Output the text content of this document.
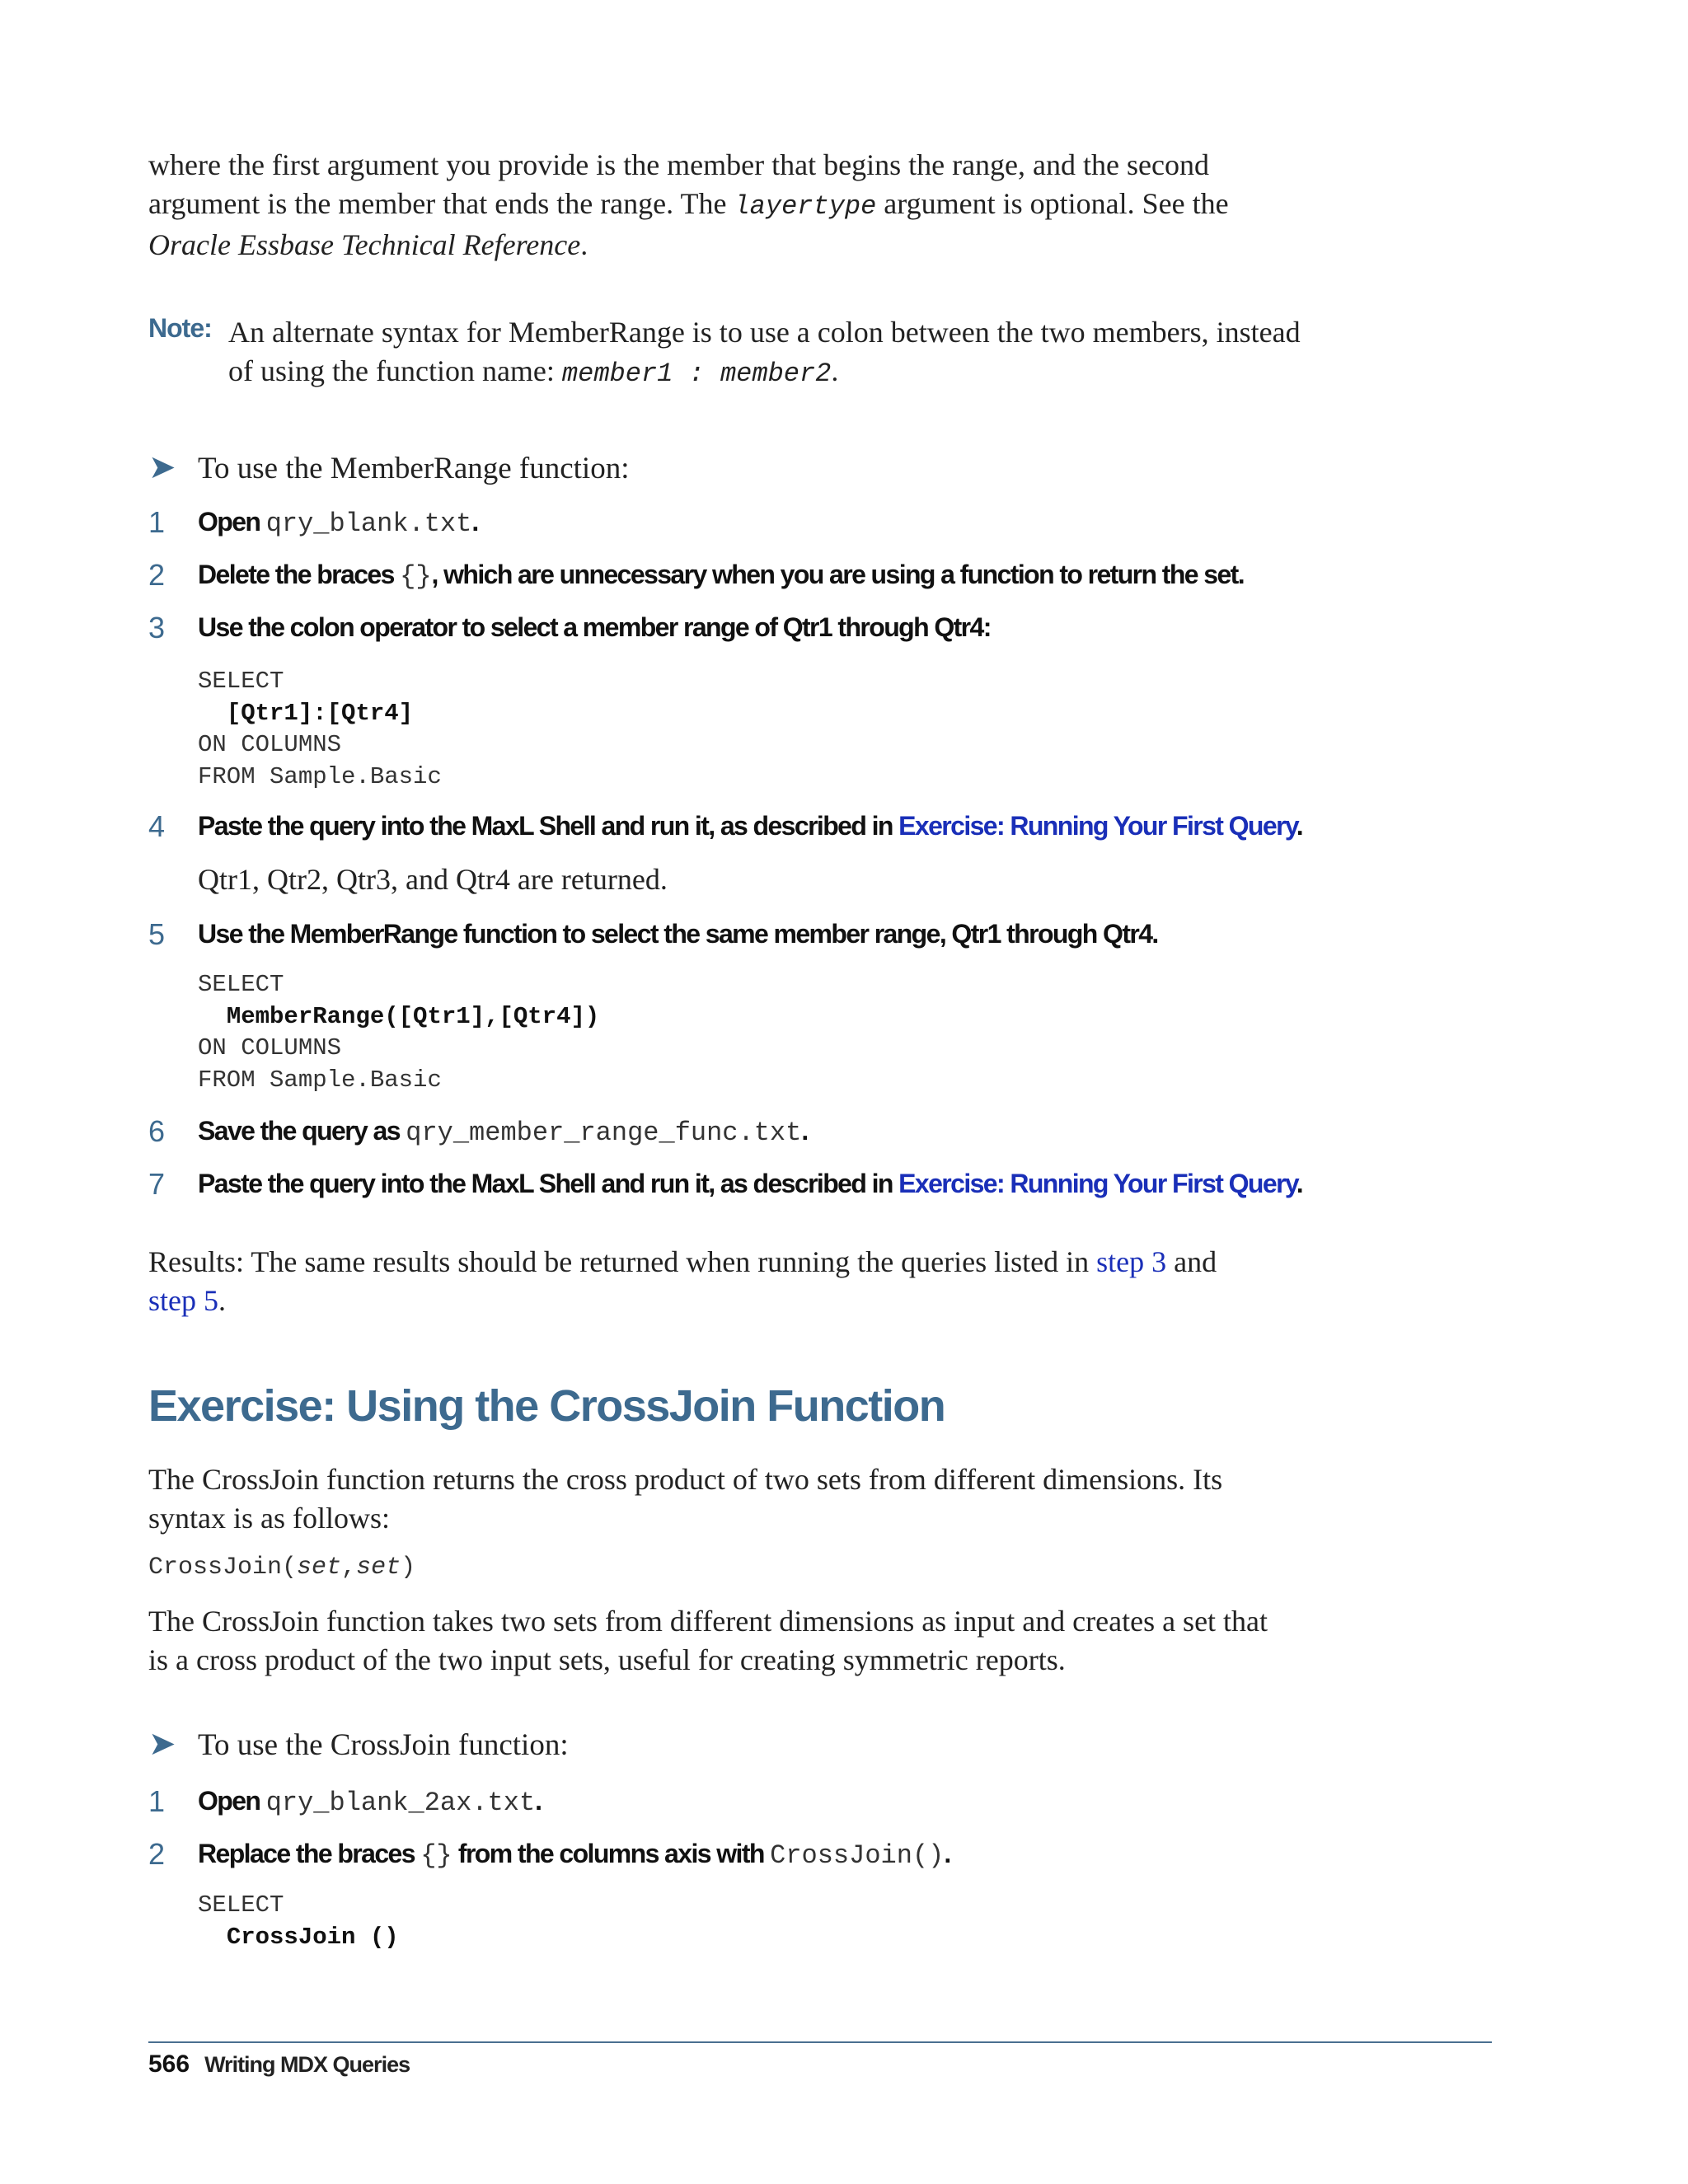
where the first argument you provide is the member that begins the range, and the second

argument is the member that ends the range. The layertype argument is optional. See the

Oracle Essbase Technical Reference.

Note: An alternate syntax for MemberRange is to use a colon between the two members, instead of using the function name: member1 : member2.
➤ To use the MemberRange function:
1 Open qry_blank.txt.
2 Delete the braces {}, which are unnecessary when you are using a function to return the set.
3 Use the colon operator to select a member range of Qtr1 through Qtr4:
SELECT
[Qtr1]:[Qtr4]
ON COLUMNS
FROM Sample.Basic
4 Paste the query into the MaxL Shell and run it, as described in Exercise: Running Your First Query.

Qtr1, Qtr2, Qtr3, and Qtr4 are returned.

5 Use the MemberRange function to select the same member range, Qtr1 through Qtr4.
SELECT
MemberRange([Qtr1],[Qtr4])
ON COLUMNS
FROM Sample.Basic
6 Save the query as qry_member_range_func.txt.
7 Paste the query into the MaxL Shell and run it, as described in Exercise: Running Your First Query.

Results: The same results should be returned when running the queries listed in step 3 and

step 5.

Exercise: Using the CrossJoin Function

The CrossJoin function returns the cross product of two sets from different dimensions. Its

syntax is as follows:

CrossJoin(set,set)

The CrossJoin function takes two sets from different dimensions as input and creates a set that

is a cross product of the two input sets, useful for creating symmetric reports.

➤ To use the CrossJoin function:
1 Open qry_blank_2ax.txt.
2 Replace the braces {} from the columns axis with CrossJoin().
SELECT
CrossJoin ()
566 Writing MDX Queries
